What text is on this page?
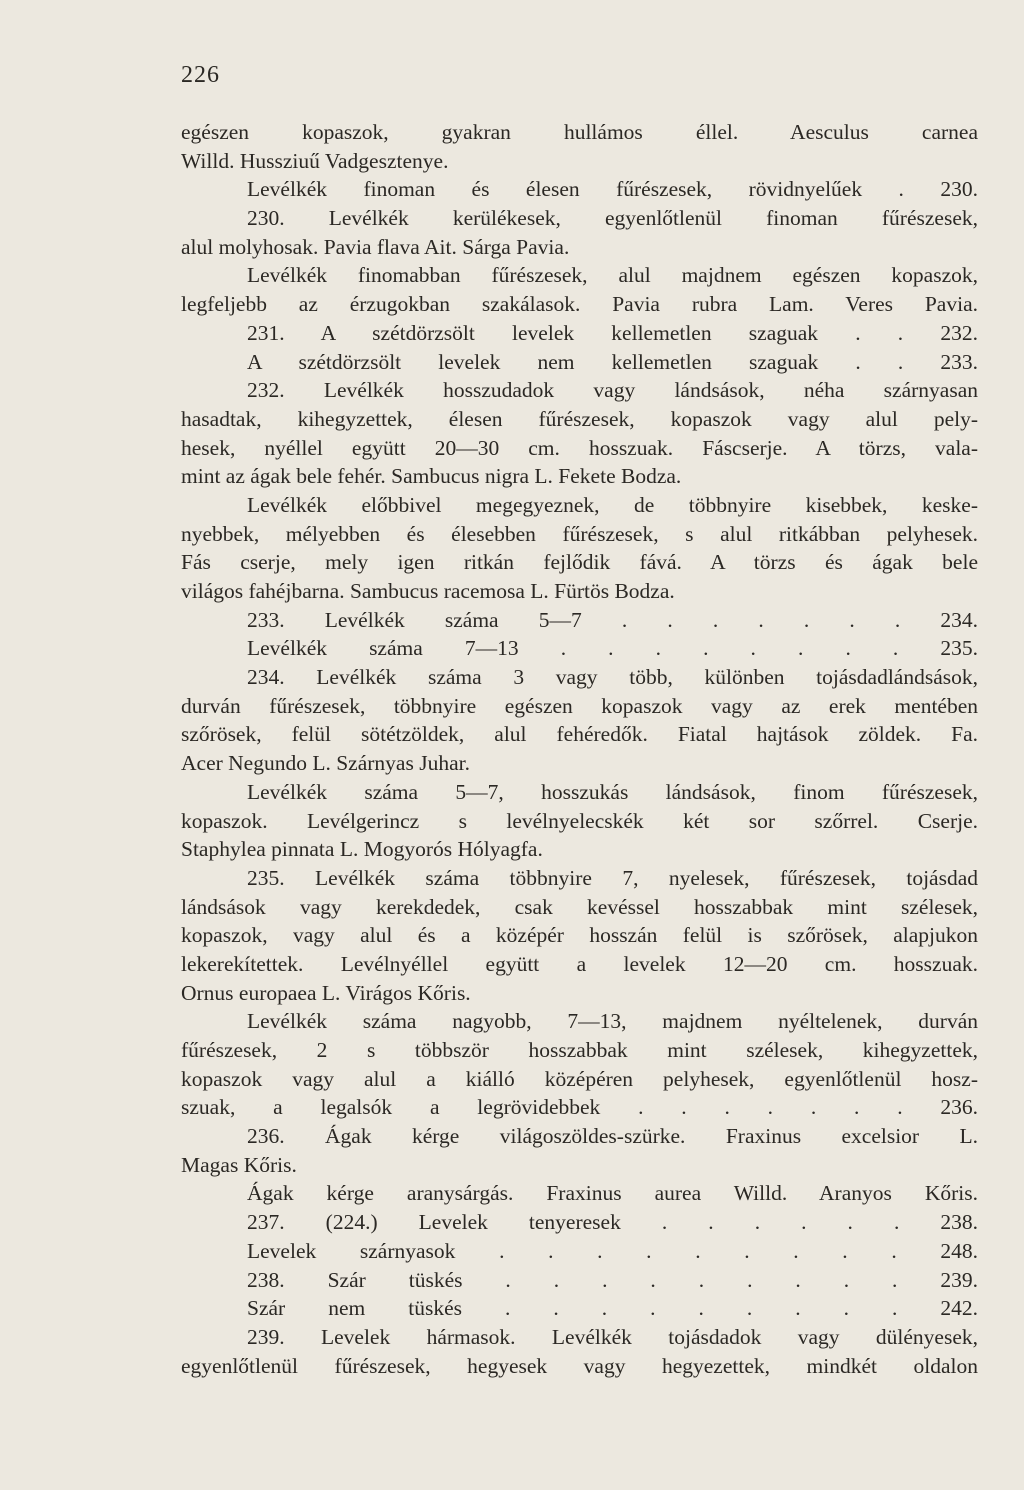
226
egészen kopaszok, gyakran hullámos éllel. Aesculus carnea
Willd. Hussziuű Vadgesztenye.
Levélkék finoman és élesen fűrészesek, rövidnyelűek . 230.
230. Levélkék kerülékesek, egyenlőtlenül finoman fűrészesek,
alul molyhosak. Pavia flava Ait. Sárga Pavia.
Levélkék finomabban fűrészesek, alul majdnem egészen kopaszok,
legfeljebb az érzugokban szakálasok. Pavia rubra Lam. Veres Pavia.
231. A szétdörzsölt levelek kellemetlen szaguak . . 232.
A szétdörzsölt levelek nem kellemetlen szaguak . . 233.
232. Levélkék hosszudadok vagy lándsások, néha szárnyasan
hasadtak, kihegyzettek, élesen fűrészesek, kopaszok vagy alul pely-
hesek, nyéllel együtt 20—30 cm. hosszuak. Fáscserje. A törzs, vala-
mint az ágak bele fehér. Sambucus nigra L. Fekete Bodza.
Levélkék előbbivel megegyeznek, de többnyire kisebbek, keske-
nyebbek, mélyebben és élesebben fűrészesek, s alul ritkábban pelyhesek.
Fás cserje, mely igen ritkán fejlődik fává. A törzs és ágak bele
világos fahéjbarna. Sambucus racemosa L. Fürtös Bodza.
233. Levélkék száma 5—7 . . . . . . . 234.
Levélkék száma 7—13 . . . . . . . . 235.
234. Levélkék száma 3 vagy több, különben tojásdadlándsások,
durván fűrészesek, többnyire egészen kopaszok vagy az erek mentében
szőrösek, felül sötétzöldek, alul fehéredők. Fiatal hajtások zöldek. Fa.
Acer Negundo L. Szárnyas Juhar.
Levélkék száma 5—7, hosszukás lándsások, finom fűrészesek,
kopaszok. Levélgerincz s levélnyelecskék két sor szőrrel. Cserje.
Staphylea pinnata L. Mogyorós Hólyagfa.
235. Levélkék száma többnyire 7, nyelesek, fűrészesek, tojásdad
lándsások vagy kerekdedek, csak kevéssel hosszabbak mint szélesek,
kopaszok, vagy alul és a középér hosszán felül is szőrösek, alapjukon
lekerekítettek. Levélnyéllel együtt a levelek 12—20 cm. hosszuak.
Ornus europaea L. Virágos Kőris.
Levélkék száma nagyobb, 7—13, majdnem nyéltelenek, durván
fűrészesek, 2 s többször hosszabbak mint szélesek, kihegyzettek,
kopaszok vagy alul a kiálló középéren pelyhesek, egyenlőtlenül hosz-
szuak, a legalsók a legrövidebbek . . . . . . . 236.
236. Ágak kérge világoszöldes-szürke. Fraxinus excelsior L.
Magas Kőris.
Ágak kérge aranysárgás. Fraxinus aurea Willd. Aranyos Kőris.
237. (224.) Levelek tenyeresek . . . . . . 238.
Levelek szárnyasok . . . . . . . . . 248.
238. Szár tüskés . . . . . . . . . 239.
Szár nem tüskés . . . . . . . . . 242.
239. Levelek hármasok. Levélkék tojásdadok vagy dülényesek,
egyenlőtlenül fűrészesek, hegyesek vagy hegyezettek, mindkét oldalon
